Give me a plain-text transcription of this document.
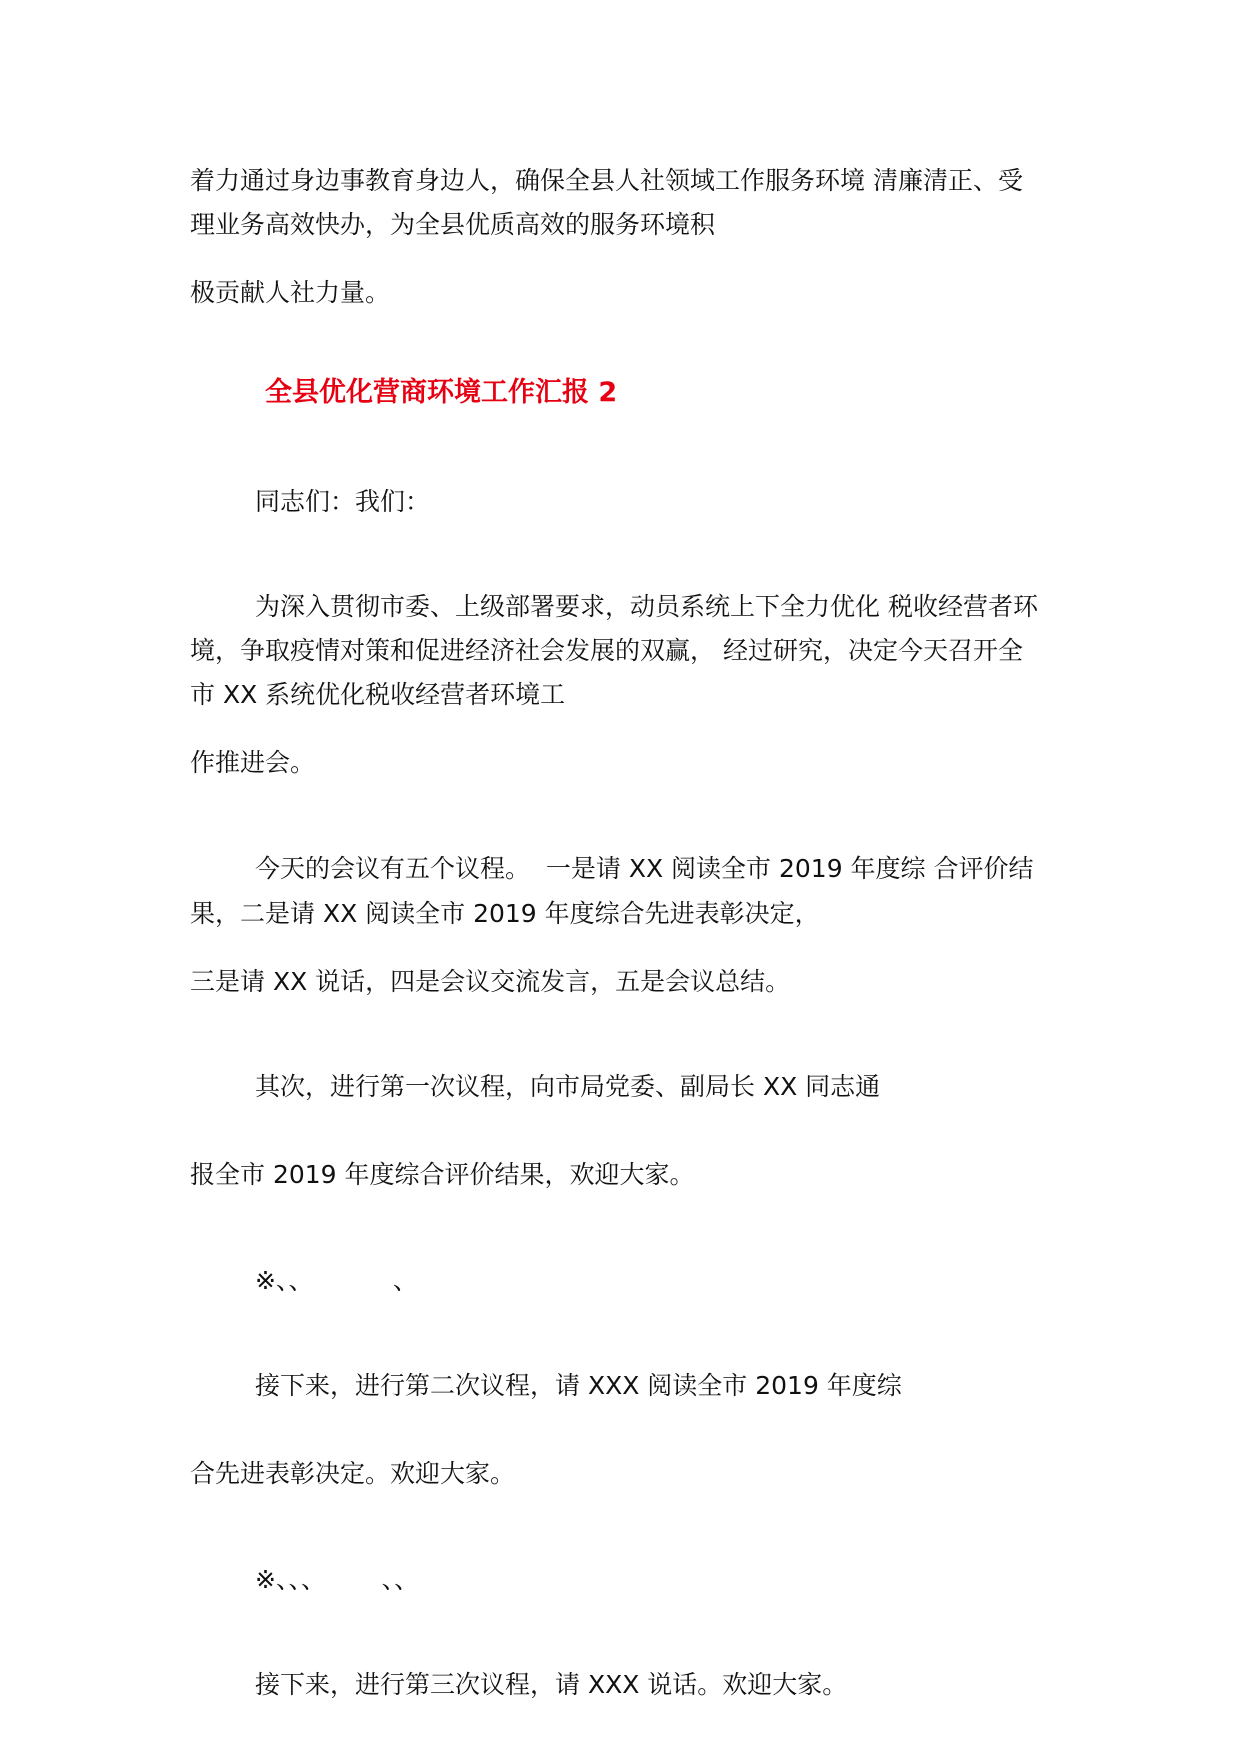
着力通过身边事教育身边人，确保全县人社领域工作服务环境 清廉清正、受
理业务高效快办，为全县优质高效的服务环境积
极贡献人社力量。
全县优化营商环境工作汇报 2
同志们：我们：
为深入贯彻市委、上级部署要求，动员系统上下全力优化 税收经营者环
境，争取疫情对策和促进经济社会发展的双赢， 经过研究，决定今天召开全
市 XX 系统优化税收经营者环境工
作推进会。
今天的会议有五个议程。  一是请 XX 阅读全市 2019 年度综 合评价结
果，二是请 XX 阅读全市 2019 年度综合先进表彰决定，
三是请 XX 说话，四是会议交流发言，五是会议总结。
其次，进行第一次议程，向市局党委、副局长 XX 同志通
报全市 2019 年度综合评价结果，欢迎大家。
※、、          、
接下来，进行第二次议程，请 XXX 阅读全市 2019 年度综
合先进表彰决定。欢迎大家。
※、、、       、、
接下来，进行第三次议程，请 XXX 说话。欢迎大家。
